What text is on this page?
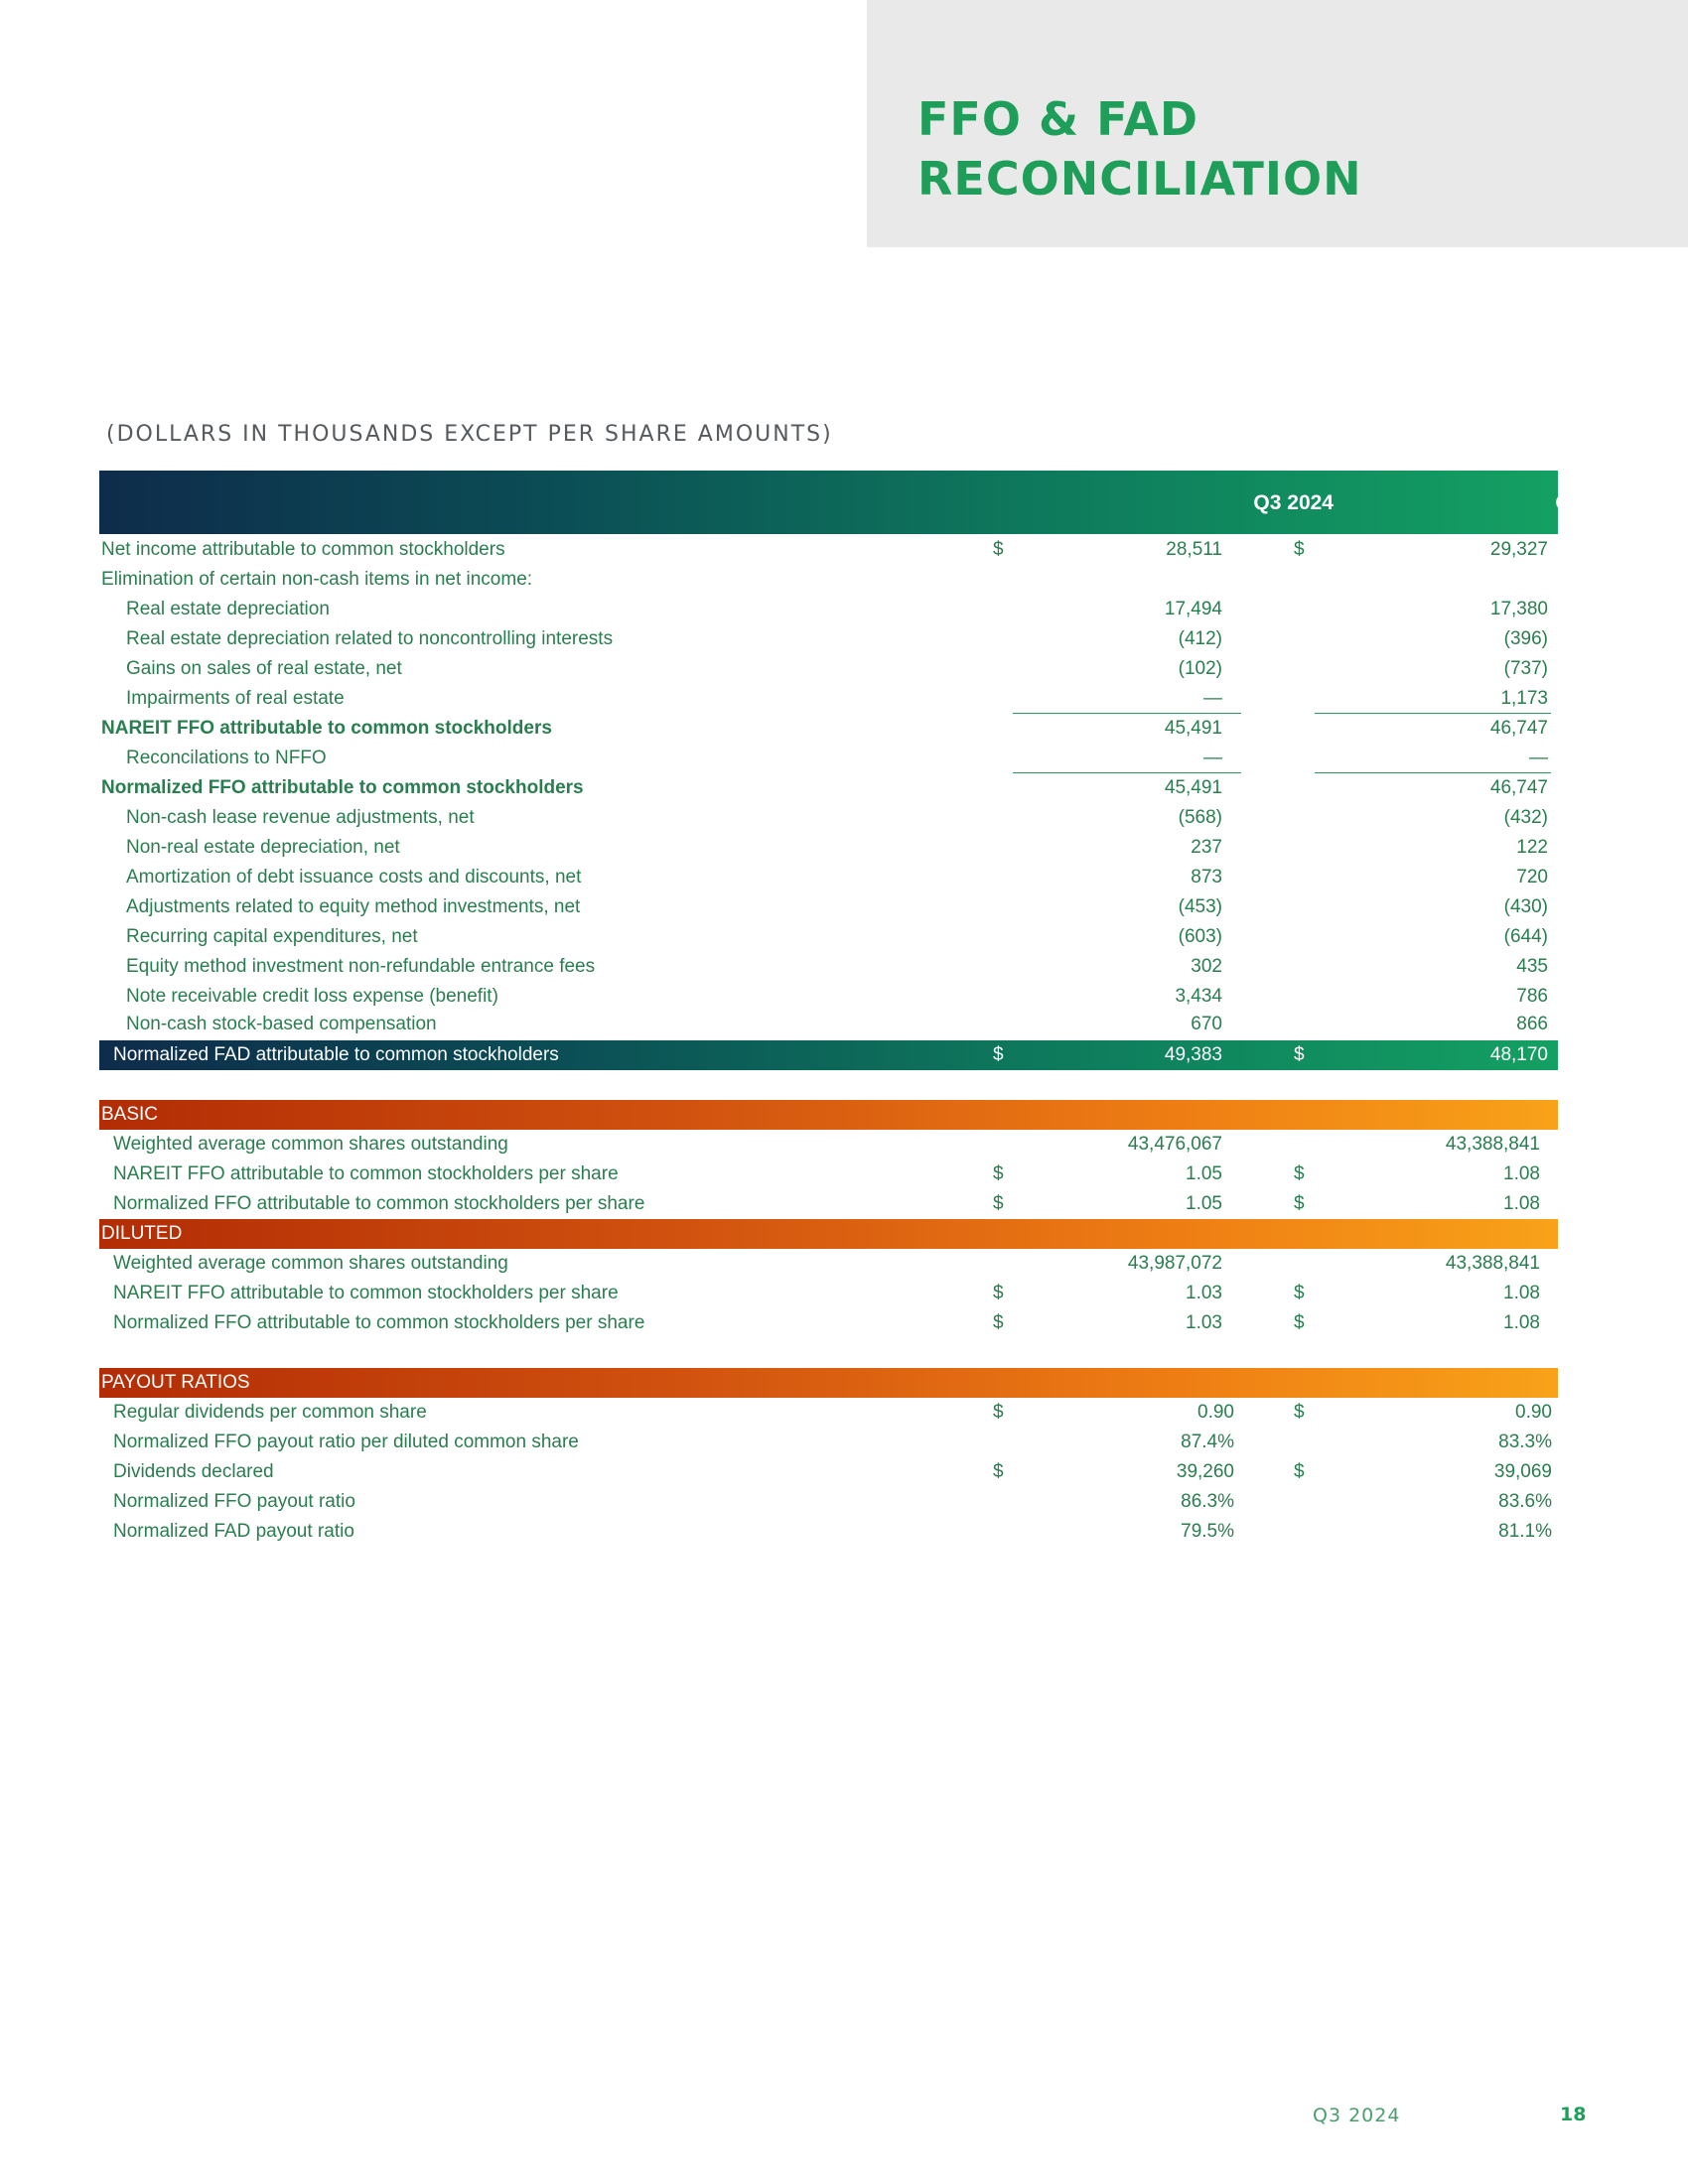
FFO & FAD
RECONCILIATION
(DOLLARS IN THOUSANDS EXCEPT PER SHARE AMOUNTS)
Q3 2024	Q3 2023
Net income attributable to common stockholders	$	28,511	$	29,327
Elimination of certain non-cash items in net income:
Real estate depreciation	17,494	17,380
Real estate depreciation related to noncontrolling interests	(412)	(396)
Gains on sales of real estate, net	(102)	(737)
Impairments of real estate	—	1,173
NAREIT FFO attributable to common stockholders	45,491	46,747
Reconcilations to NFFO	—	—
Normalized FFO attributable to common stockholders	45,491	46,747
Non-cash lease revenue adjustments, net	(568)	(432)
Non-real estate depreciation, net	237	122
Amortization of debt issuance costs and discounts, net	873	720
Adjustments related to equity method investments, net	(453)	(430)
Recurring capital expenditures, net	(603)	(644)
Equity method investment non-refundable entrance fees	302	435
Note receivable credit loss expense (benefit)	3,434	786
Non-cash stock-based compensation	670	866
Normalized FAD attributable to common stockholders	$	49,383	$	48,170
BASIC
Weighted average common shares outstanding	43,476,067	43,388,841
NAREIT FFO attributable to common stockholders per share	$	1.05	$	1.08
Normalized FFO attributable to common stockholders per share	$	1.05	$	1.08
DILUTED
Weighted average common shares outstanding	43,987,072	43,388,841
NAREIT FFO attributable to common stockholders per share	$	1.03	$	1.08
Normalized FFO attributable to common stockholders per share	$	1.03	$	1.08
PAYOUT RATIOS
Regular dividends per common share	$	0.90	$	0.90
Normalized FFO payout ratio per diluted common share	87.4%	83.3%
Dividends declared	$	39,260	$	39,069
Normalized FFO payout ratio	86.3%	83.6%
Normalized FAD payout ratio	79.5%	81.1%
Q3 2024	18
